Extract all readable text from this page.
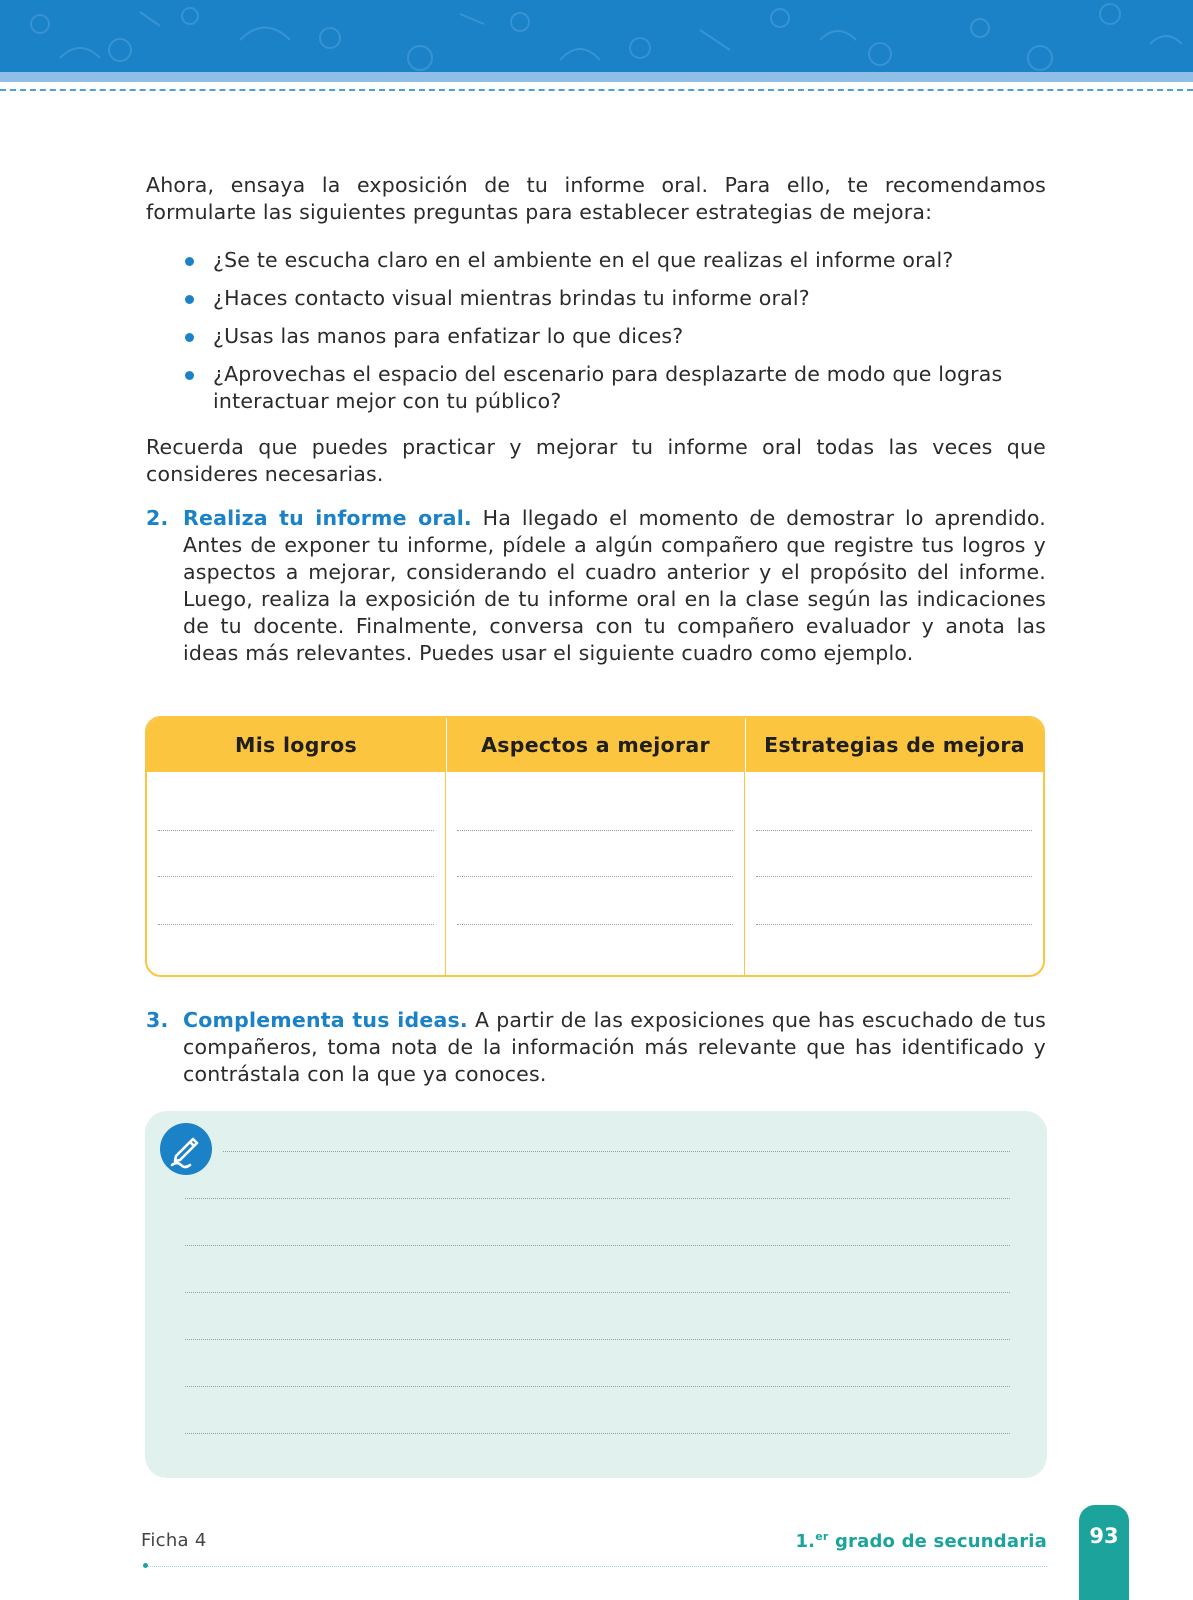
Ahora, ensaya la exposición de tu informe oral. Para ello, te recomendamos formularte las siguientes preguntas para establecer estrategias de mejora:

¿Se te escucha claro en el ambiente en el que realizas el informe oral?
¿Haces contacto visual mientras brindas tu informe oral?
¿Usas las manos para enfatizar lo que dices?
¿Aprovechas el espacio del escenario para desplazarte de modo que logras interactuar mejor con tu público?

Recuerda que puedes practicar y mejorar tu informe oral todas las veces que consideres necesarias.

2. Realiza tu informe oral. Ha llegado el momento de demostrar lo aprendido. Antes de exponer tu informe, pídele a algún compañero que registre tus logros y aspectos a mejorar, considerando el cuadro anterior y el propósito del informe. Luego, realiza la exposición de tu informe oral en la clase según las indicaciones de tu docente. Finalmente, conversa con tu compañero evaluador y anota las ideas más relevantes. Puedes usar el siguiente cuadro como ejemplo.
Mis logros	Aspectos a mejorar	Estrategias de mejora
3. Complementa tus ideas. A partir de las exposiciones que has escuchado de tus compañeros, toma nota de la información más relevante que has identificado y contrástala con la que ya conoces.
Ficha 4	1.$^{er}$ grado de secundaria	93
